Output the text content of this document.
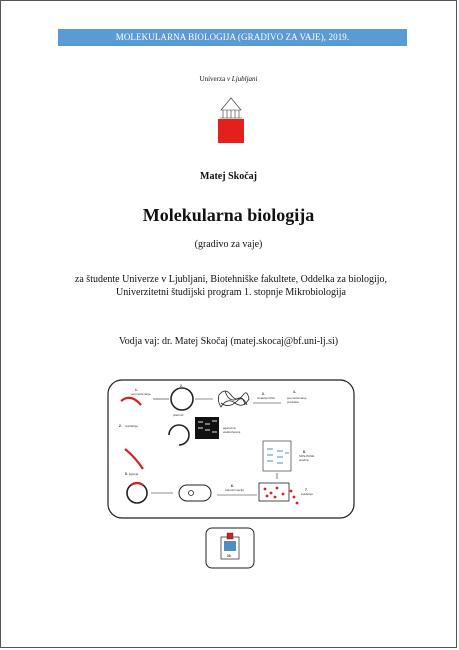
MOLEKULARNA BIOLOGIJA (GRADIVO ZA VAJE), 2019.
Univerza v Ljubljani
Matej Skočaj
Molekularna biologija
(gradivo za vaje)
za študente Univerze v Ljubljani, Biotehniške fakultete, Oddelka za biologijo,
Univerzitetni študijski program 1. stopnje Mikrobiologija
Vodja vaj: dr. Matej Skočaj (matej.skocaj@bf.uni-lj.si)
1.
pomnoževanje
2.
plazmid
3.
izolacija DNA
4.
pomnoževanje
produkta
agarozna
elektroforeza
2. restrikcija
5. ligacija
6.
transformacija	7.
indukcija
8.
SDS-PAGE
analiza
10.
